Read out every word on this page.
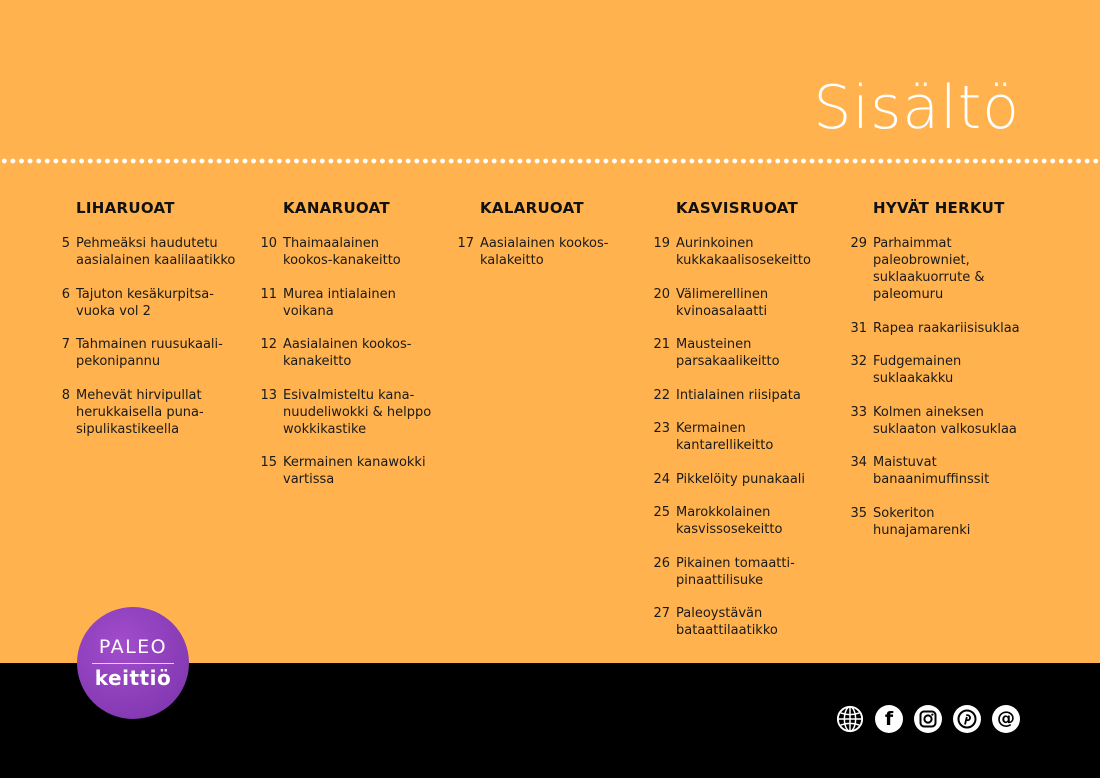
Sisältö
LIHARUOAT
5 Pehmeäksi haudutetu
aasialainen kaalilaatikko
6 Tajuton kesäkurpitsa-
vuoka vol 2
7 Tahmainen ruusukaali-
pekonipannu
8 Mehevät hirvipullat
herukkaisella puna-
sipulikastikeella
KANARUOAT
10 Thaimaalainen
kookos-kanakeitto
11 Murea intialainen
voikana
12 Aasialainen kookos-
kanakeitto
13 Esivalmisteltu kana-
nuudeliwokki & helppo
wokkikastike
15 Kermainen kanawokki
vartissa
KALARUOAT
17 Aasialainen kookos-
kalakeitto
KASVISRUOAT
19 Aurinkoinen
kukkakaalisosekeitto
20 Välimerellinen
kvinoasalaatti
21 Mausteinen
parsakaalikeitto
22 Intialainen riisipata
23 Kermainen
kantarellikeitto
24 Pikkelöity punakaali
25 Marokkolainen
kasvissosekeitto
26 Pikainen tomaatti-
pinaattilisuke
27 Paleoystävän
bataattilaatikko
HYVÄT HERKUT
29 Parhaimmat
paleobrowniet,
suklaakuorrute &
paleomuru
31 Rapea raakariisisuklaa
32 Fudgemainen
suklaakakku
33 Kolmen aineksen
suklaaton valkosuklaa
34 Maistuvat
banaanimuffinssit
35 Sokeriton
hunajamarenki
PALEO
keittiö
f	@
